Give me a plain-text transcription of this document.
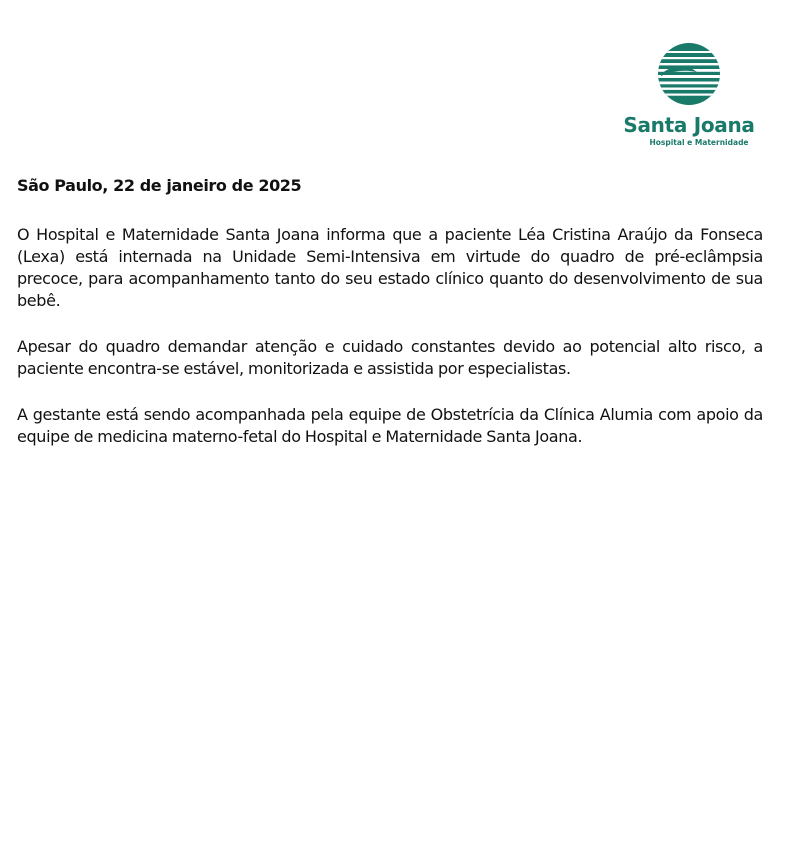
Santa Joana
Hospital e Maternidade
São Paulo, 22 de janeiro de 2025

O Hospital e Maternidade Santa Joana informa que a paciente Léa Cristina Araújo da Fonseca (Lexa) está internada na Unidade Semi-Intensiva em virtude do quadro de pré-eclâmpsia precoce, para acompanhamento tanto do seu estado clínico quanto do desenvolvimento de sua bebê.

Apesar do quadro demandar atenção e cuidado constantes devido ao potencial alto risco, a paciente encontra-se estável, monitorizada e assistida por especialistas.

A gestante está sendo acompanhada pela equipe de Obstetrícia da Clínica Alumia com apoio da equipe de medicina materno-fetal do Hospital e Maternidade Santa Joana.
